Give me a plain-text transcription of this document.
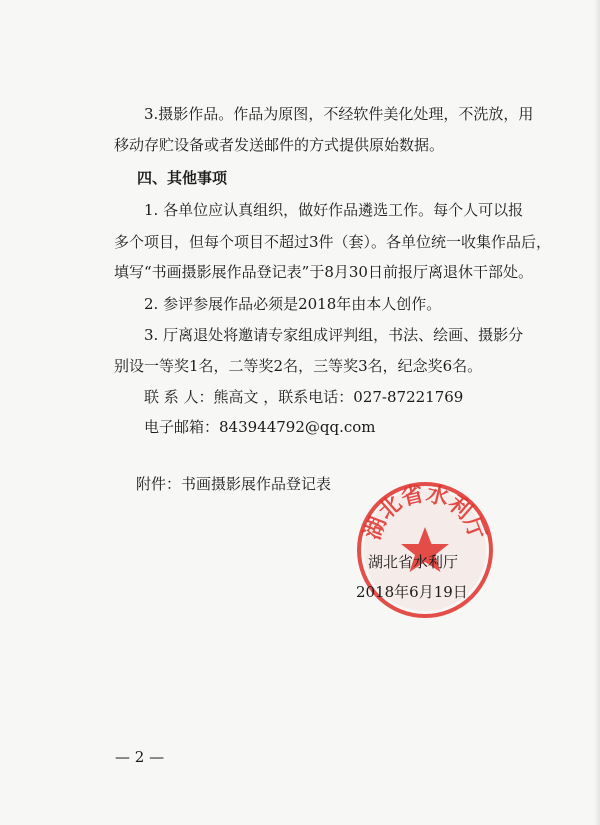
3.摄影作品。作品为原图，不经软件美化处理，不洗放，用
移动存贮设备或者发送邮件的方式提供原始数据。
四、其他事项
1. 各单位应认真组织，做好作品遴选工作。每个人可以报
多个项目，但每个项目不超过3件（套）。各单位统一收集作品后，
填写“书画摄影展作品登记表”于8月30日前报厅离退休干部处。
2. 参评参展作品必须是2018年由本人创作。
3. 厅离退处将邀请专家组成评判组，书法、绘画、摄影分
别设一等奖1名，二等奖2名，三等奖3名，纪念奖6名。
联 系 人：熊高文 ，联系电话：027-87221769
电子邮箱：843944792@qq.com
附件：书画摄影展作品登记表
湖北省水利厅
湖北省水利厅
2018年6月19日
— 2 —
